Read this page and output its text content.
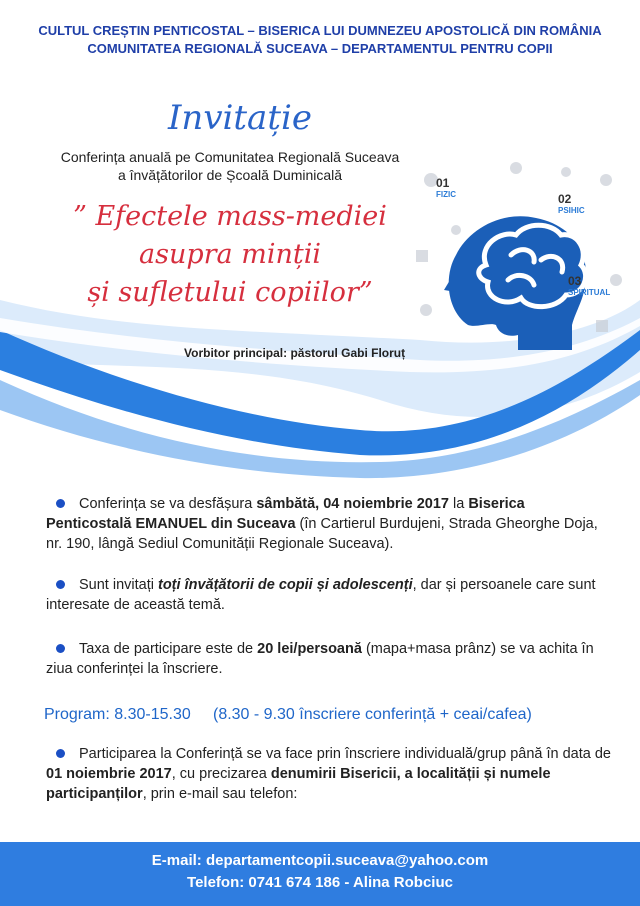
CULTUL CREȘTIN PENTICOSTAL – BISERICA LUI DUMNEZEU APOSTOLICĂ DIN ROMÂNIA
COMUNITATEA REGIONALĂ SUCEAVA – DEPARTAMENTUL PENTRU COPII
Invitație
Conferința anuală pe Comunitatea Regională Suceava
a învățătorilor de Școală Duminicală
” Efectele mass-mediei
asupra minții
și sufletului copiilor”
01
FIZIC	02
PSIHIC
03
SPIRITUAL
Vorbitor principal: păstorul Gabi Floruț
Conferința se va desfășura sâmbătă, 04 noiembrie 2017 la Biserica Penticostală EMANUEL din Suceava (în Cartierul Burdujeni, Strada Gheorghe Doja, nr. 190, lângă Sediul Comunității Regionale Suceava).
Sunt invitați toți învățătorii de copii și adolescenți, dar și persoanele care sunt interesate de această temă.
Taxa de participare este de 20 lei/persoană (mapa+masa prânz) se va achita în ziua conferinței la înscriere.
Program: 8.30-15.30 (8.30 - 9.30 înscriere conferință + ceai/cafea)
Participarea la Conferință se va face prin înscriere individuală/grup până în data de 01 noiembrie 2017, cu precizarea denumirii Bisericii, a localității și numele participanților, prin e-mail sau telefon:
E-mail: departamentcopii.suceava@yahoo.com
Telefon: 0741 674 186 - Alina Robciuc
